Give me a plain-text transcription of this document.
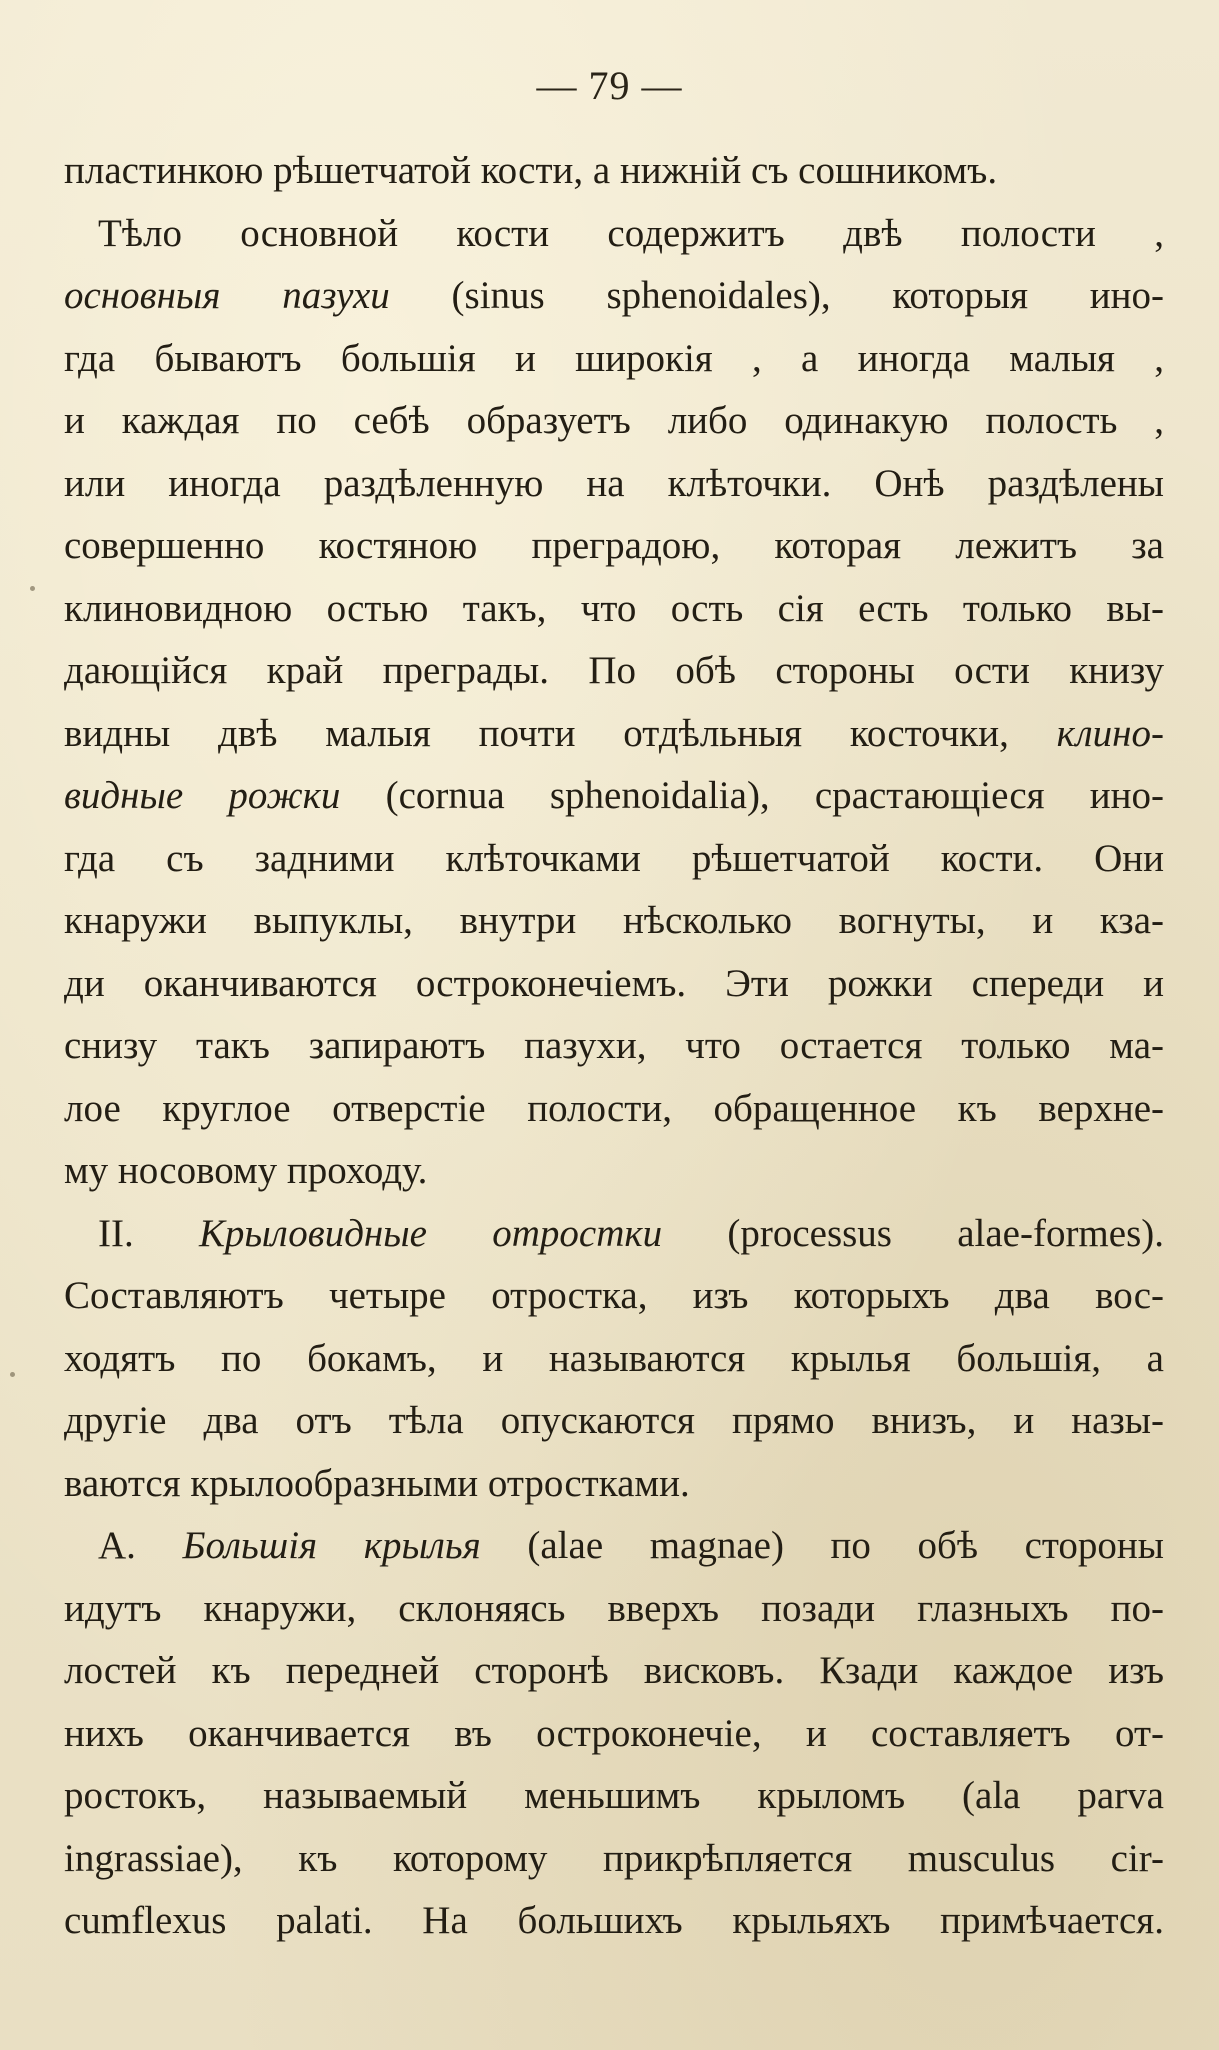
— 79 —
пластинкою рѣшетчатой кости, а нижній съ сошникомъ.
Тѣло основной кости содержитъ двѣ полости ,
основныя пазухи (sinus sphenoidales), которыя ино-
гда бываютъ большія и широкія , а иногда малыя ,
и каждая по себѣ образуетъ либо одинакую полость ,
или иногда раздѣленную на клѣточки. Онѣ раздѣлены
совершенно костяною преградою, которая лежитъ за
клиновидною остью такъ, что ость сія есть только вы-
дающійся край преграды. По обѣ стороны ости книзу
видны двѣ малыя почти отдѣльныя косточки, клино-
видные рожки (cornua sphenoidalia), срастающіеся ино-
гда съ задними клѣточками рѣшетчатой кости. Они
кнаружи выпуклы, внутри нѣсколько вогнуты, и кза-
ди оканчиваются остроконечіемъ. Эти рожки спереди и
снизу такъ запираютъ пазухи, что остается только ма-
лое круглое отверстіе полости, обращенное къ верхне-
му носовому проходу.
II. Крыловидные отростки (processus alae-formes).
Составляютъ четыре отростка, изъ которыхъ два вос-
ходятъ по бокамъ, и называются крылья большія, а
другіе два отъ тѣла опускаются прямо внизъ, и назы-
ваются крылообразными отростками.
A. Большія крылья (alae magnae) по обѣ стороны
идутъ кнаружи, склоняясь вверхъ позади глазныхъ по-
лостей къ передней сторонѣ висковъ. Кзади каждое изъ
нихъ оканчивается въ остроконечіе, и составляетъ от-
ростокъ, называемый меньшимъ крыломъ (ala parva
ingrassiae), къ которому прикрѣпляется musculus cir-
cumflexus palati. На большихъ крыльяхъ примѣчается.
